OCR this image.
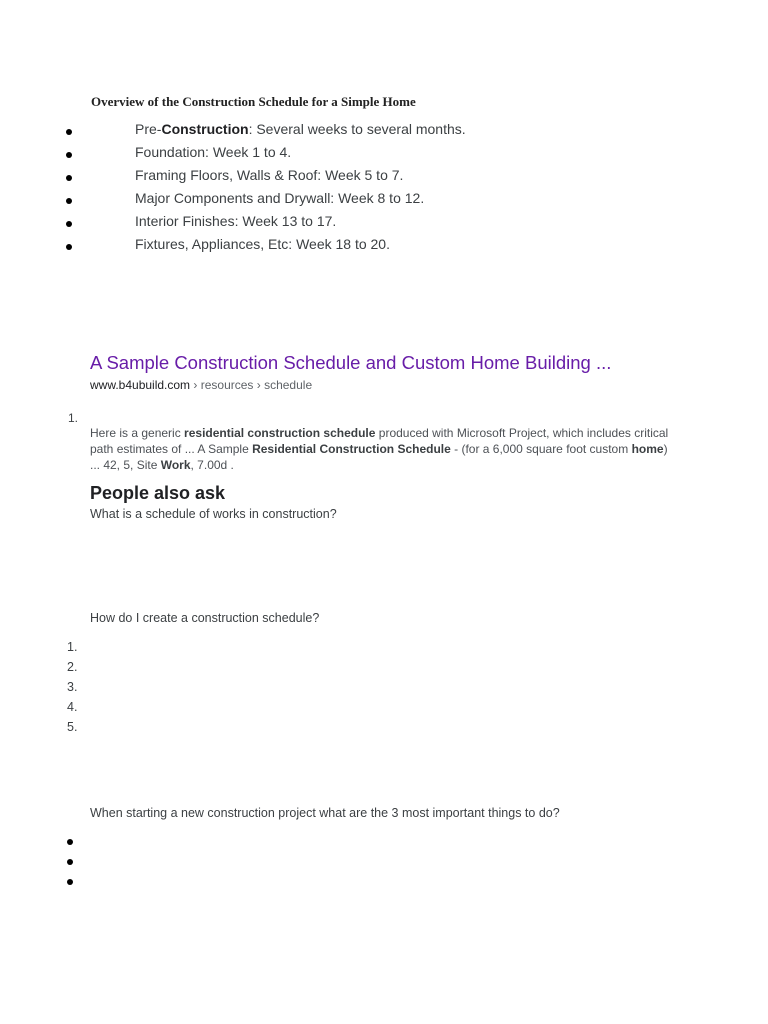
Overview of the Construction Schedule for a Simple Home
Pre-Construction: Several weeks to several months.
Foundation: Week 1 to 4.
Framing Floors, Walls & Roof: Week 5 to 7.
Major Components and Drywall: Week 8 to 12.
Interior Finishes: Week 13 to 17.
Fixtures, Appliances, Etc: Week 18 to 20.
A Sample Construction Schedule and Custom Home Building ...
www.b4ubuild.com › resources › schedule
1.
Here is a generic residential construction schedule produced with Microsoft Project, which includes critical path estimates of ... A Sample Residential Construction Schedule - (for a 6,000 square foot custom home) ... 42, 5, Site Work, 7.00d .
People also ask
What is a schedule of works in construction?
How do I create a construction schedule?
1.
2.
3.
4.
5.
When starting a new construction project what are the 3 most important things to do?
